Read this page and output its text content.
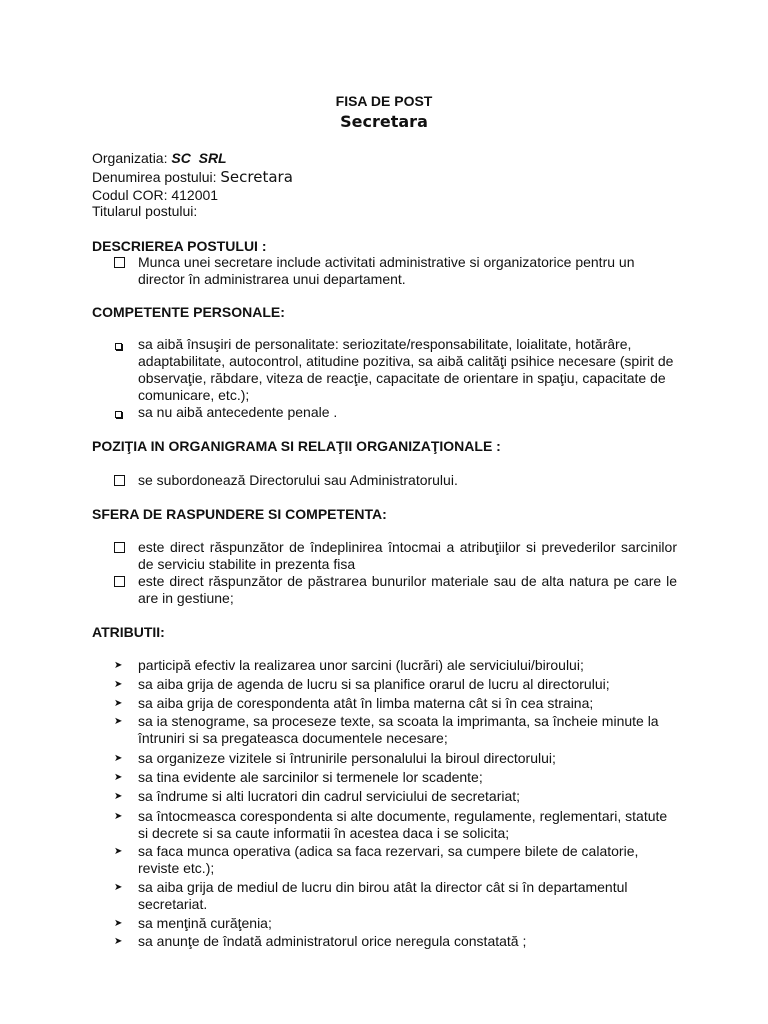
FISA DE POST
Secretara
Organizatia: SC  SRL
Denumirea postului: Secretara
Codul COR: 412001
Titularul postului:
DESCRIEREA POSTULUI :
Munca unei secretare include activitati administrative si organizatorice pentru un director în administrarea unui departament.
COMPETENTE PERSONALE:
sa aibă însuşiri de personalitate: seriozitate/responsabilitate, loialitate, hotărâre, adaptabilitate, autocontrol, atitudine pozitiva, sa aibă calităţi psihice necesare (spirit de observaţie, răbdare, viteza de reacţie, capacitate de orientare in spaţiu, capacitate de comunicare, etc.);
sa nu aibă antecedente penale .
POZIŢIA IN ORGANIGRAMA SI RELAŢII ORGANIZAŢIONALE :
se subordonează Directorului sau Administratorului.
SFERA DE RASPUNDERE SI COMPETENTA:
este direct răspunzător de îndeplinirea întocmai a atribuţiilor si prevederilor sarcinilor de serviciu stabilite in prezenta fisa
este direct răspunzător de păstrarea bunurilor materiale sau de alta natura pe care le are in gestiune;
ATRIBUTII:
➤	participă efectiv la realizarea unor sarcini (lucrări) ale serviciului/biroului;
➤	sa aiba grija de agenda de lucru si sa planifice orarul de lucru al directorului;
➤	sa aiba grija de corespondenta atât în limba materna cât si în cea straina;
➤	sa ia stenograme, sa proceseze texte, sa scoata la imprimanta, sa încheie minute la întruniri si sa pregateasca documentele necesare;
➤	sa organizeze vizitele si întrunirile personalului la biroul directorului;
➤	sa tina evidente ale sarcinilor si termenele lor scadente;
➤	sa îndrume si alti lucratori din cadrul serviciului de secretariat;
➤	sa întocmeasca corespondenta si alte documente, regulamente, reglementari, statute si decrete si sa caute informatii în acestea daca i se solicita;
➤	sa faca munca operativa (adica sa faca rezervari, sa cumpere bilete de calatorie, reviste etc.);
➤	sa aiba grija de mediul de lucru din birou atât la director cât si în departamentul secretariat.
➤	sa menţină curăţenia;
➤	sa anunţe de îndată administratorul orice neregula constatată ;
